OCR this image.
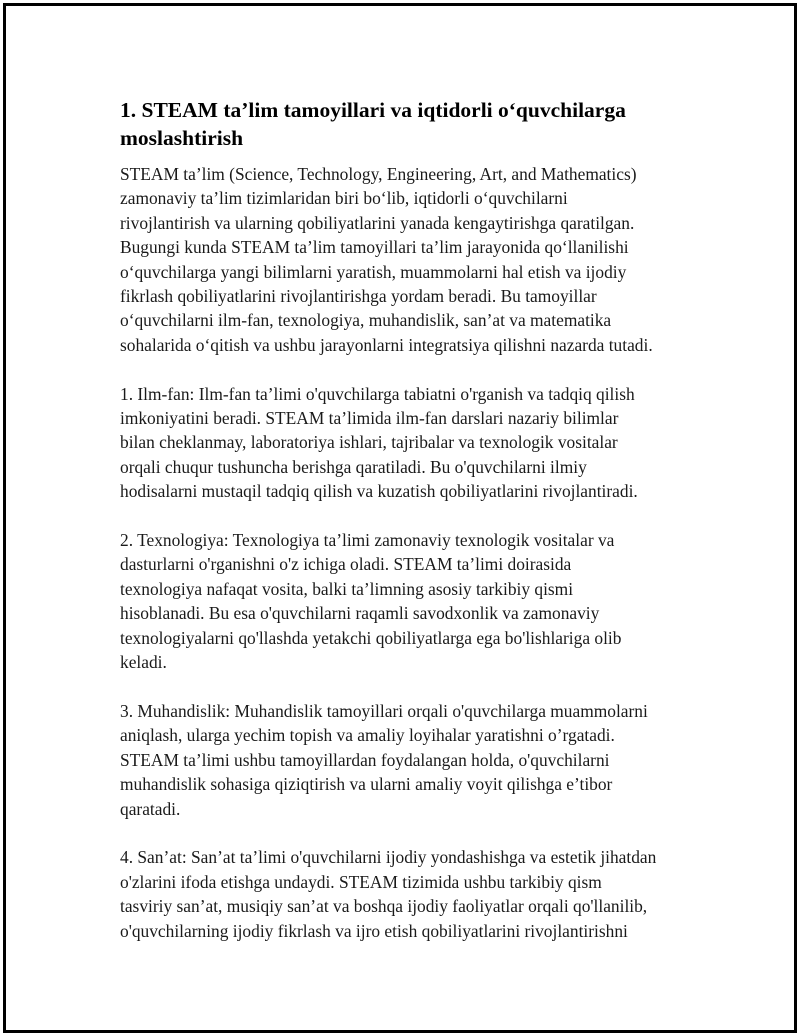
1. STEAM ta’lim tamoyillari va iqtidorli o‘quvchilarga
moslashtirish

STEAM ta’lim (Science, Technology, Engineering, Art, and Mathematics)
zamonaviy ta’lim tizimlaridan biri bo‘lib, iqtidorli o‘quvchilarni
rivojlantirish va ularning qobiliyatlarini yanada kengaytirishga qaratilgan.
Bugungi kunda STEAM ta’lim tamoyillari ta’lim jarayonida qo‘llanilishi
o‘quvchilarga yangi bilimlarni yaratish, muammolarni hal etish va ijodiy
fikrlash qobiliyatlarini rivojlantirishga yordam beradi. Bu tamoyillar
o‘quvchilarni ilm-fan, texnologiya, muhandislik, san’at va matematika
sohalarida o‘qitish va ushbu jarayonlarni integratsiya qilishni nazarda tutadi.

1. Ilm-fan: Ilm-fan ta’limi o'quvchilarga tabiatni o'rganish va tadqiq qilish
imkoniyatini beradi. STEAM ta’limida ilm-fan darslari nazariy bilimlar
bilan cheklanmay, laboratoriya ishlari, tajribalar va texnologik vositalar
orqali chuqur tushuncha berishga qaratiladi. Bu o'quvchilarni ilmiy
hodisalarni mustaqil tadqiq qilish va kuzatish qobiliyatlarini rivojlantiradi.

2. Texnologiya: Texnologiya ta’limi zamonaviy texnologik vositalar va
dasturlarni o'rganishni o'z ichiga oladi. STEAM ta’limi doirasida
texnologiya nafaqat vosita, balki ta’limning asosiy tarkibiy qismi
hisoblanadi. Bu esa o'quvchilarni raqamli savodxonlik va zamonaviy
texnologiyalarni qo'llashda yetakchi qobiliyatlarga ega bo'lishlariga olib
keladi.

3. Muhandislik: Muhandislik tamoyillari orqali o'quvchilarga muammolarni
aniqlash, ularga yechim topish va amaliy loyihalar yaratishni o’rgatadi.
STEAM ta’limi ushbu tamoyillardan foydalangan holda, o'quvchilarni
muhandislik sohasiga qiziqtirish va ularni amaliy voyit qilishga e’tibor
qaratadi.

4. San’at: San’at ta’limi o'quvchilarni ijodiy yondashishga va estetik jihatdan
o'zlarini ifoda etishga undaydi. STEAM tizimida ushbu tarkibiy qism
tasviriy san’at, musiqiy san’at va boshqa ijodiy faoliyatlar orqali qo'llanilib,
o'quvchilarning ijodiy fikrlash va ijro etish qobiliyatlarini rivojlantirishni
